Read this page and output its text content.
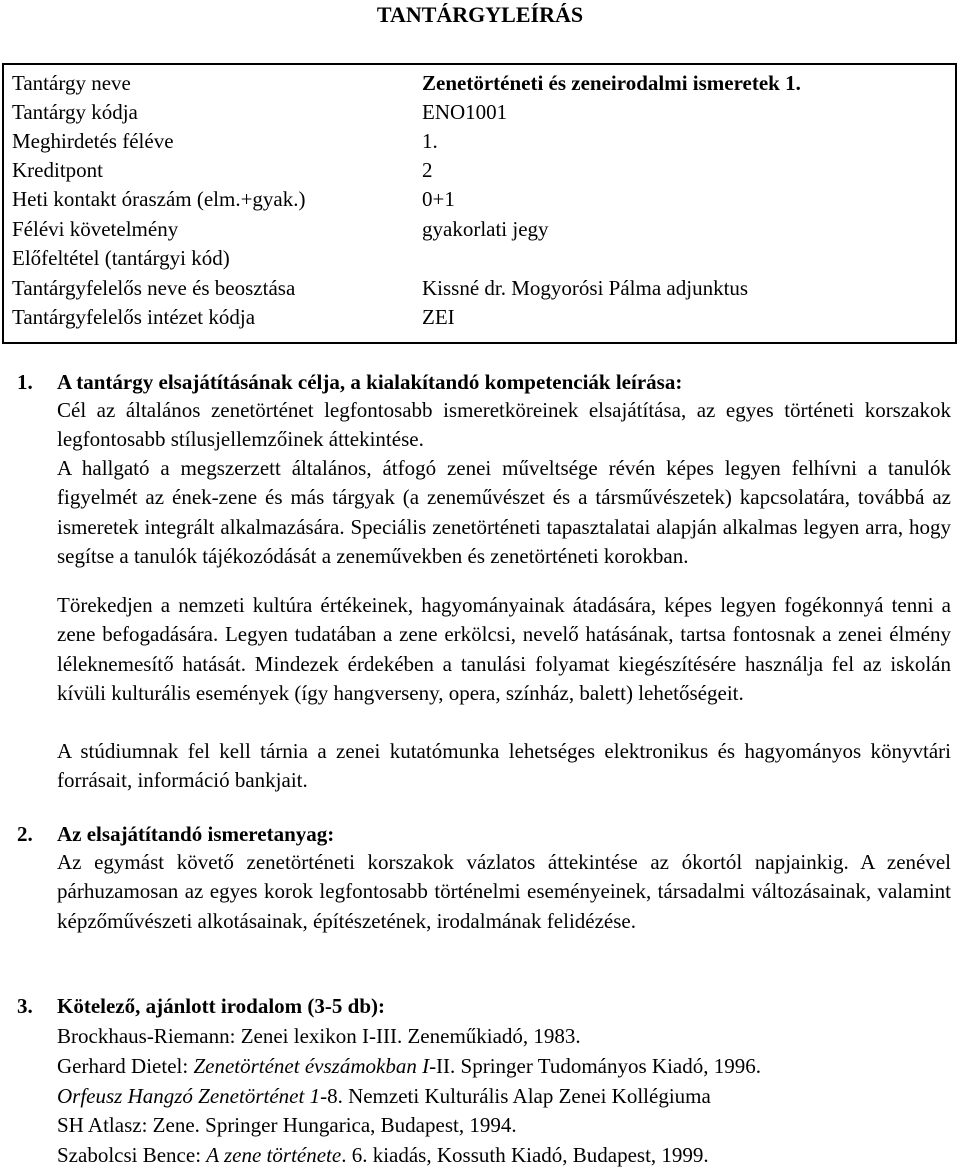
TANTÁRGYLEÍRÁS
Tantárgy neve	Zenetörténeti és zeneirodalmi ismeretek 1.
Tantárgy kódja	ENO1001
Meghirdetés féléve	1.
Kreditpont	2
Heti kontakt óraszám (elm.+gyak.)	0+1
Félévi követelmény	gyakorlati jegy
Előfeltétel (tantárgyi kód)
Tantárgyfelelős neve és beosztása	Kissné dr. Mogyorósi Pálma adjunktus
Tantárgyfelelős intézet kódja	ZEI
1. A tantárgy elsajátításának célja, a kialakítandó kompetenciák leírása:

Cél az általános zenetörténet legfontosabb ismeretköreinek elsajátítása, az egyes történeti korszakok legfontosabb stílusjellemzőinek áttekintése.

A hallgató a megszerzett általános, átfogó zenei műveltsége révén képes legyen felhívni a tanulók figyelmét az ének-zene és más tárgyak (a zeneművészet és a társművészetek) kapcsolatára, továbbá az ismeretek integrált alkalmazására. Speciális zenetörténeti tapasztalatai alapján alkalmas legyen arra, hogy segítse a tanulók tájékozódását a zeneművekben és zenetörténeti korokban.

Törekedjen a nemzeti kultúra értékeinek, hagyományainak átadására, képes legyen fogékonnyá tenni a zene befogadására. Legyen tudatában a zene erkölcsi, nevelő hatásának, tartsa fontosnak a zenei élmény léleknemesítő hatását. Mindezek érdekében a tanulási folyamat kiegészítésére használja fel az iskolán kívüli kulturális események (így hangverseny, opera, színház, balett) lehetőségeit.

A stúdiumnak fel kell tárnia a zenei kutatómunka lehetséges elektronikus és hagyományos könyvtári forrásait, információ bankjait.

2. Az elsajátítandó ismeretanyag:

Az egymást követő zenetörténeti korszakok vázlatos áttekintése az ókortól napjainkig. A zenével párhuzamosan az egyes korok legfontosabb történelmi eseményeinek, társadalmi változásainak, valamint képzőművészeti alkotásainak, építészetének, irodalmának felidézése.

3. Kötelező, ajánlott irodalom (3-5 db):
Brockhaus-Riemann: Zenei lexikon I-III. Zeneműkiadó, 1983.
Gerhard Dietel: Zenetörténet évszámokban I-II. Springer Tudományos Kiadó, 1996.
Orfeusz Hangzó Zenetörténet 1-8. Nemzeti Kulturális Alap Zenei Kollégiuma
SH Atlasz: Zene. Springer Hungarica, Budapest, 1994.
Szabolcsi Bence: A zene története. 6. kiadás, Kossuth Kiadó, Budapest, 1999.
